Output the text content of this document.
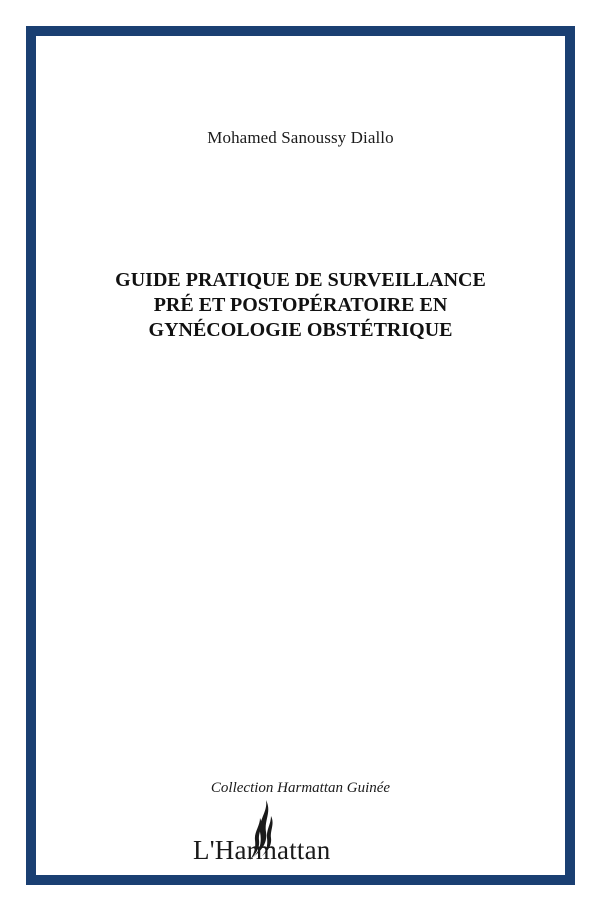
Mohamed Sanoussy Diallo
GUIDE PRATIQUE DE SURVEILLANCE
PRÉ ET POSTOPÉRATOIRE EN
GYNÉCOLOGIE OBSTÉTRIQUE
Collection Harmattan Guinée
L'Harmattan
